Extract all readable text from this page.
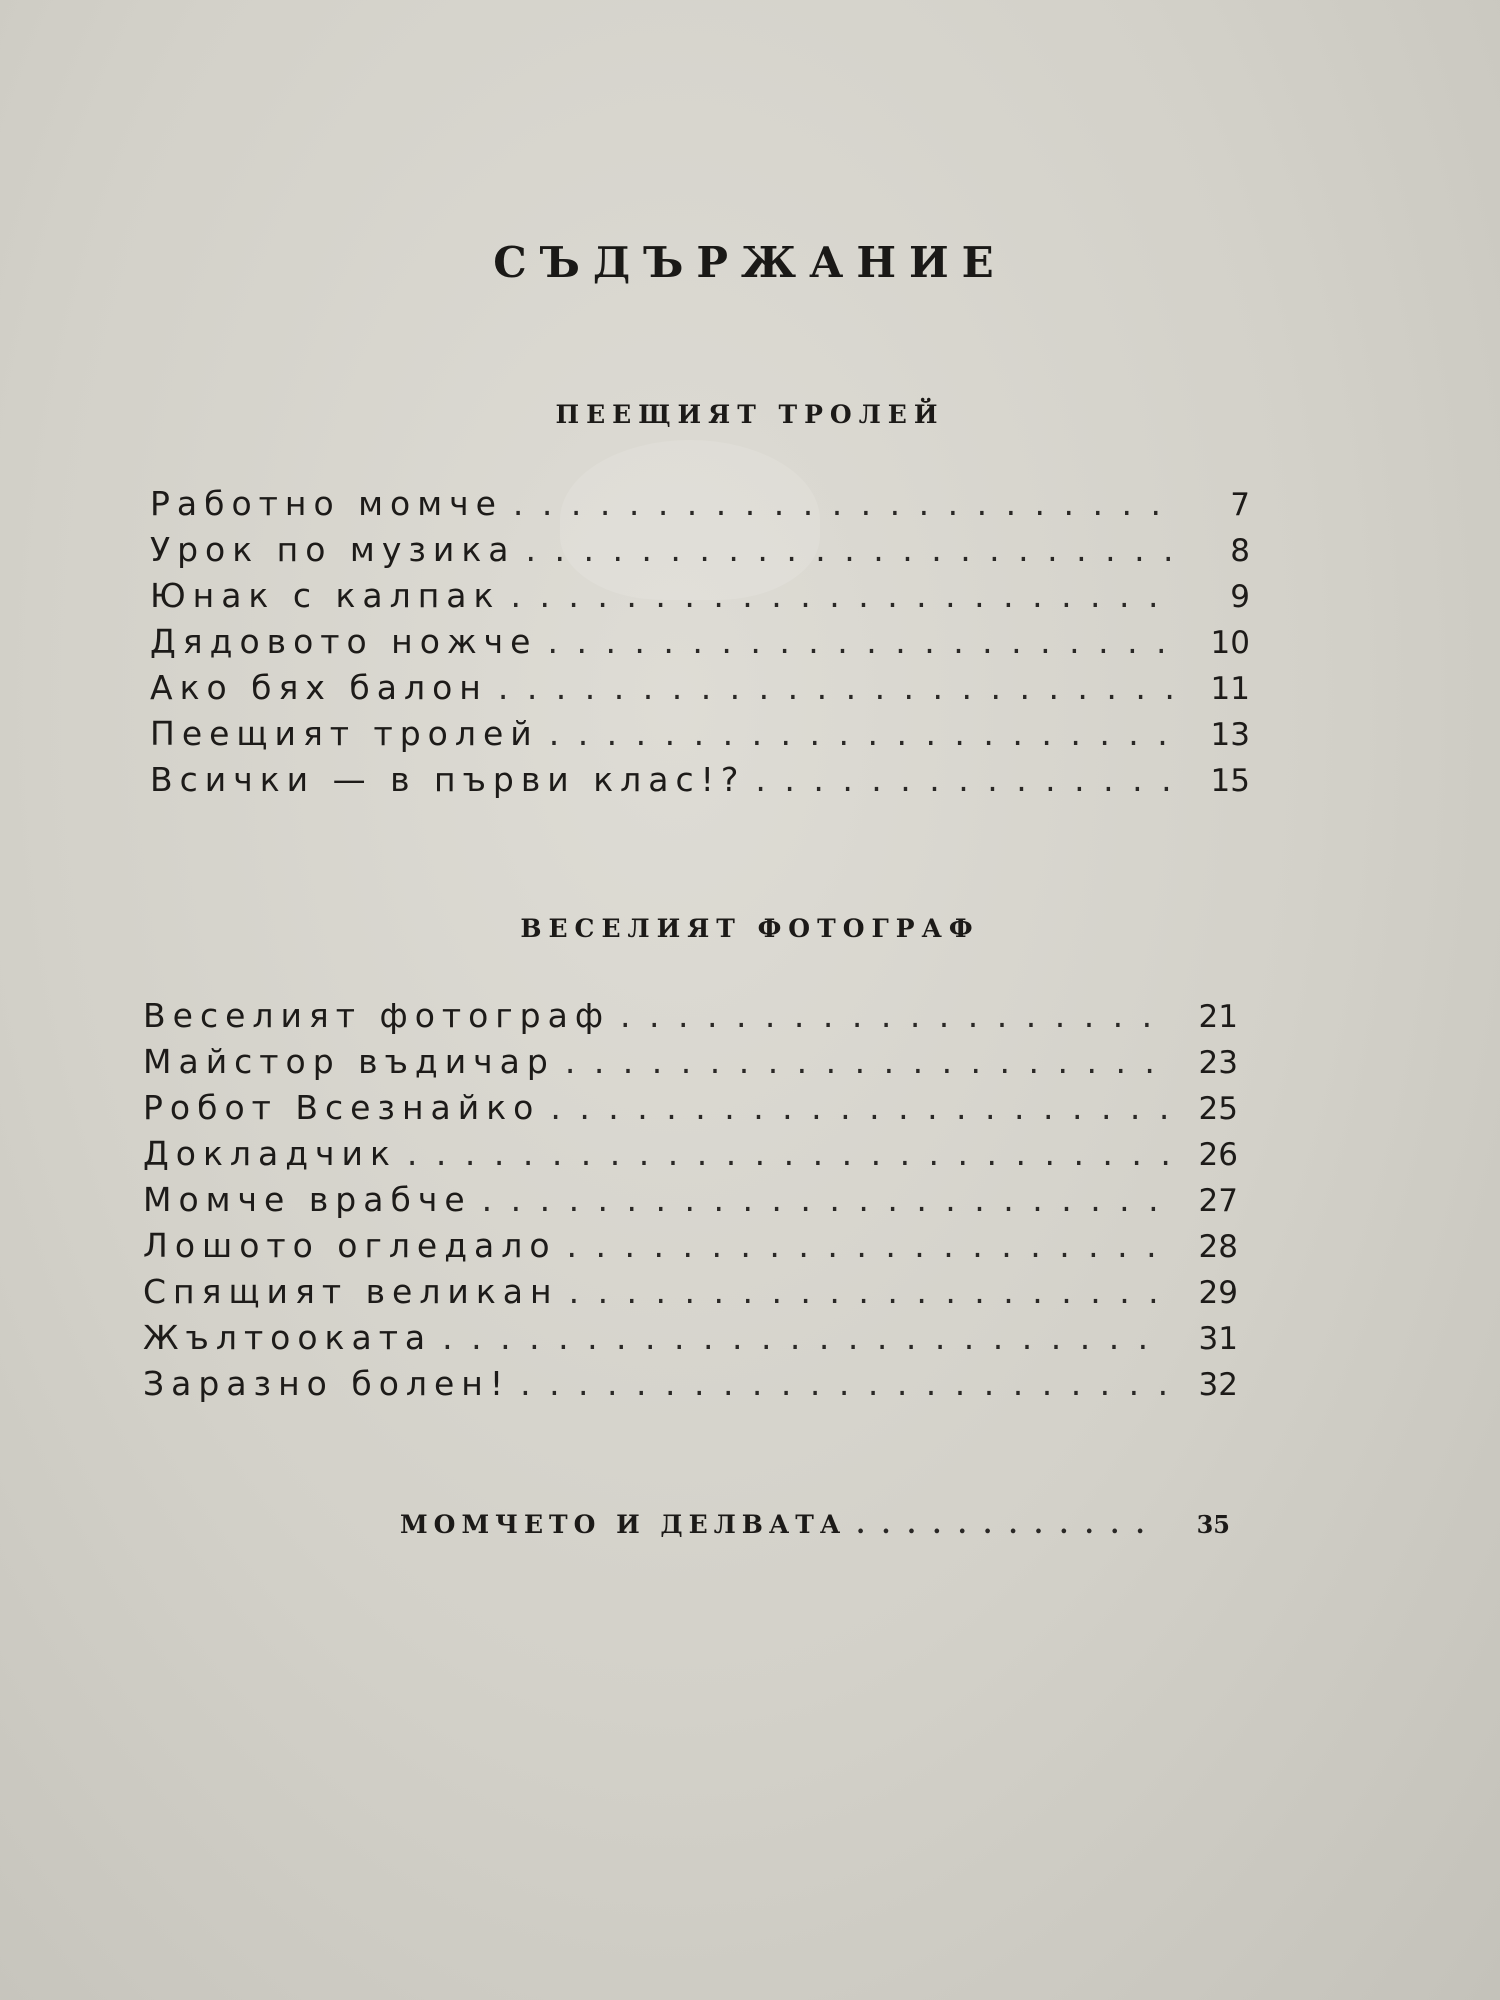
СЪДЪРЖАНИЕ
ПЕЕЩИЯТ ТРОЛЕЙ
Работно момче . . .	7
Урок по музика . . .	8
Юнак с калпак . . .	9
Дядовото ножче . . .	10
Ако бях балон . . .	11
Пеещият тролей . . .	13
Всички — в първи клас!? . . .	15
ВЕСЕЛИЯТ ФОТОГРАФ
Веселият фотограф . . .	21
Майстор въдичар . . .	23
Робот Всезнайко . . .	25
Докладчик . . .	26
Момче врабче . . .	27
Лошото огледало . . .	28
Спящият великан . . .	29
Жълтооката . . .	31
Заразно болен! . . .	32
МОМЧЕТО И ДЕЛВАТА . . .	35
